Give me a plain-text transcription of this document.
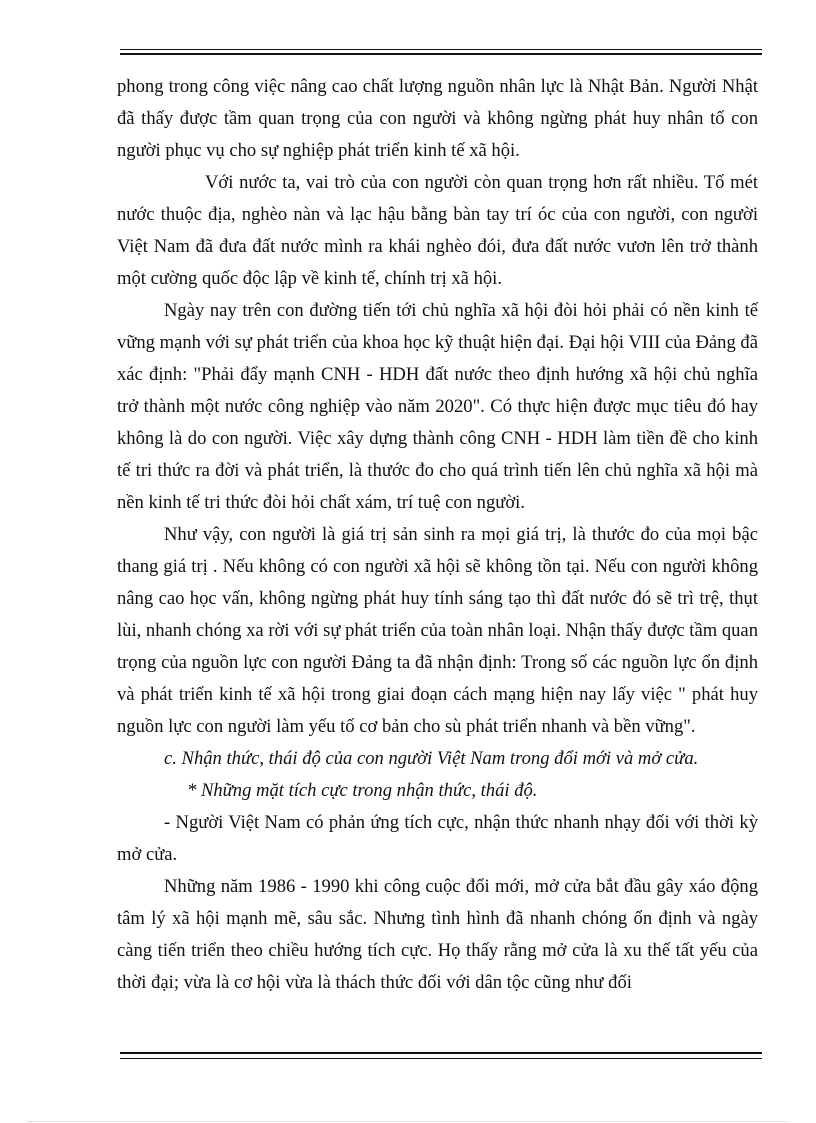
phong trong công việc nâng cao chất lượng nguồn nhân lực là Nhật Bản. Người Nhật đã thấy được tầm quan trọng của con người và không ngừng phát huy nhân tố con người phục vụ cho sự nghiệp phát triển kinh tế xã hội.

Với nước ta, vai trò của con người còn quan trọng hơn rất nhiều. Tố mét nước thuộc địa, nghèo nàn và lạc hậu bằng bàn tay trí óc của con người, con người Việt Nam đã đưa đất nước mình ra khái nghèo đói, đưa đất nước vươn lên trở thành một cường quốc độc lập về kinh tế, chính trị xã hội.

Ngày nay trên con đường tiến tới chủ nghĩa xã hội đòi hỏi phải có nền kinh tế vững mạnh với sự phát triển của khoa học kỹ thuật hiện đại. Đại hội VIII của Đảng đã xác định: "Phải đẩy mạnh CNH - HDH đất nước theo định hướng xã hội chủ nghĩa trở thành một nước công nghiệp vào năm 2020". Có thực hiện được mục tiêu đó hay không là do con người. Việc xây dựng thành công CNH - HDH làm tiền đề cho kinh tế tri thức ra đời và phát triển, là thước đo cho quá trình tiến lên chủ nghĩa xã hội mà nền kinh tế tri thức đòi hỏi chất xám, trí tuệ con người.

Như vậy, con người là giá trị sản sinh ra mọi giá trị, là thước đo của mọi bậc thang giá trị . Nếu không có con người xã hội sẽ không tồn tại. Nếu con người không nâng cao học vấn, không ngừng phát huy tính sáng tạo thì đất nước đó sẽ trì trệ, thụt lùi, nhanh chóng xa rời với sự phát triển của toàn nhân loại. Nhận thấy được tầm quan trọng của nguồn lực con người Đảng ta đã nhận định: Trong số các nguồn lực ổn định và phát triển kinh tế xã hội trong giai đoạn cách mạng hiện nay lấy việc " phát huy nguồn lực con người làm yếu tố cơ bản cho sù phát triển nhanh và bền vững".

c. Nhận thức, thái độ của con người Việt Nam trong đổi mới và mở cửa.

* Những mặt tích cực trong nhận thức, thái độ.

- Người Việt Nam có phản ứng tích cực, nhận thức nhanh nhạy đối với thời kỳ mở cửa.

Những năm 1986 - 1990 khi công cuộc đổi mới, mở cửa bắt đầu gây xáo động tâm lý xã hội mạnh mẽ, sâu sắc. Nhưng tình hình đã nhanh chóng ổn định và ngày càng tiến triển theo chiều hướng tích cực. Họ thấy rằng mở cửa là xu thế tất yếu của thời đại; vừa là cơ hội vừa là thách thức đối với dân tộc cũng như đối
